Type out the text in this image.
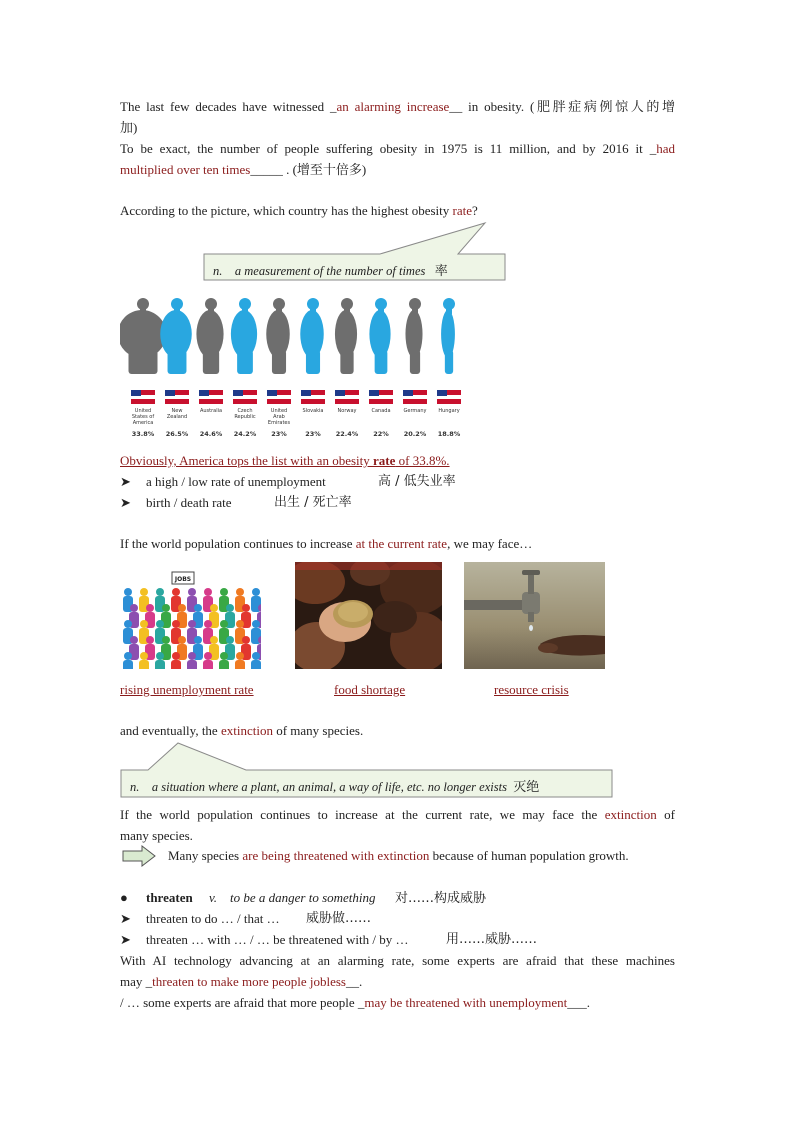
The last few decades have witnessed _an alarming increase__ in obesity. (肥胖症病例惊人的增
加)
To be exact, the number of people suffering obesity in 1975 is 11 million, and by 2016 it _had
multiplied over ten times_____ . (增至十倍多)
According to the picture, which country has the highest obesity rate?
n. a measurement of the number of times 率
United
States of
America
33.8%
New
Zealand
26.5%
Australia
24.6%
Czech
Republic
24.2%
United
Arab
Emirates
23%
Slovakia
23%
Norway
22.4%
Canada
22%
Germany
20.2%
Hungary
18.8%
Obviously, America tops the list with an obesity rate of 33.8%.
➤ a high / low rate of unemployment	高 / 低失业率
➤ birth / death rate	出生 / 死亡率
If the world population continues to increase at the current rate, we may face…
JOBS
rising unemployment rate	food shortage	resource crisis
and eventually, the extinction of many species.
n. a situation where a plant, an animal, a way of life, etc. no longer exists 灭绝
If the world population continues to increase at the current rate, we may face the extinction of
many species.
Many species are being threatened with extinction because of human population growth.
● threaten v. to be a danger to something 对……构成威胁
➤ threaten to do … / that … 威胁做……
➤ threaten … with … / … be threatened with / by …	用……威胁……
With AI technology advancing at an alarming rate, some experts are afraid that these machines
may _threaten to make more people jobless__.
/ … some experts are afraid that more people _may be threatened with unemployment___.
